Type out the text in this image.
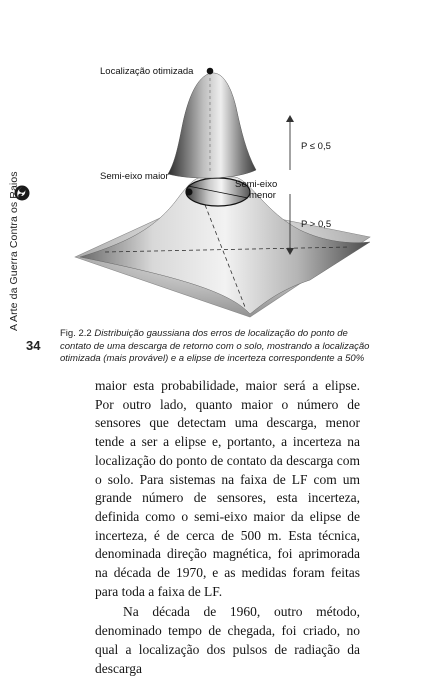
A Arte da Guerra Contra os Raios
34
Localização otimizada
Semi-eixo maior
Semi-eixo
menor
P ≤ 0,5
P > 0,5
Fig. 2.2 Distribuição gaussiana dos erros de localização do ponto de contato de uma descarga de retorno com o solo, mostrando a localização otimizada (mais provável) e a elipse de incerteza correspondente a 50%

maior esta probabilidade, maior será a elipse. Por outro lado, quanto maior o número de sensores que detectam uma descarga, menor tende a ser a elipse e, portanto, a incerteza na localização do ponto de contato da descarga com o solo. Para sistemas na faixa de LF com um grande número de sensores, esta incerteza, definida como o semi-eixo maior da elipse de incerteza, é de cerca de 500 m. Esta técnica, denominada direção magnética, foi aprimorada na década de 1970, e as medidas foram feitas para toda a faixa de LF.

Na década de 1960, outro método, denominado tempo de chegada, foi criado, no qual a localização dos pulsos de radiação da descarga
